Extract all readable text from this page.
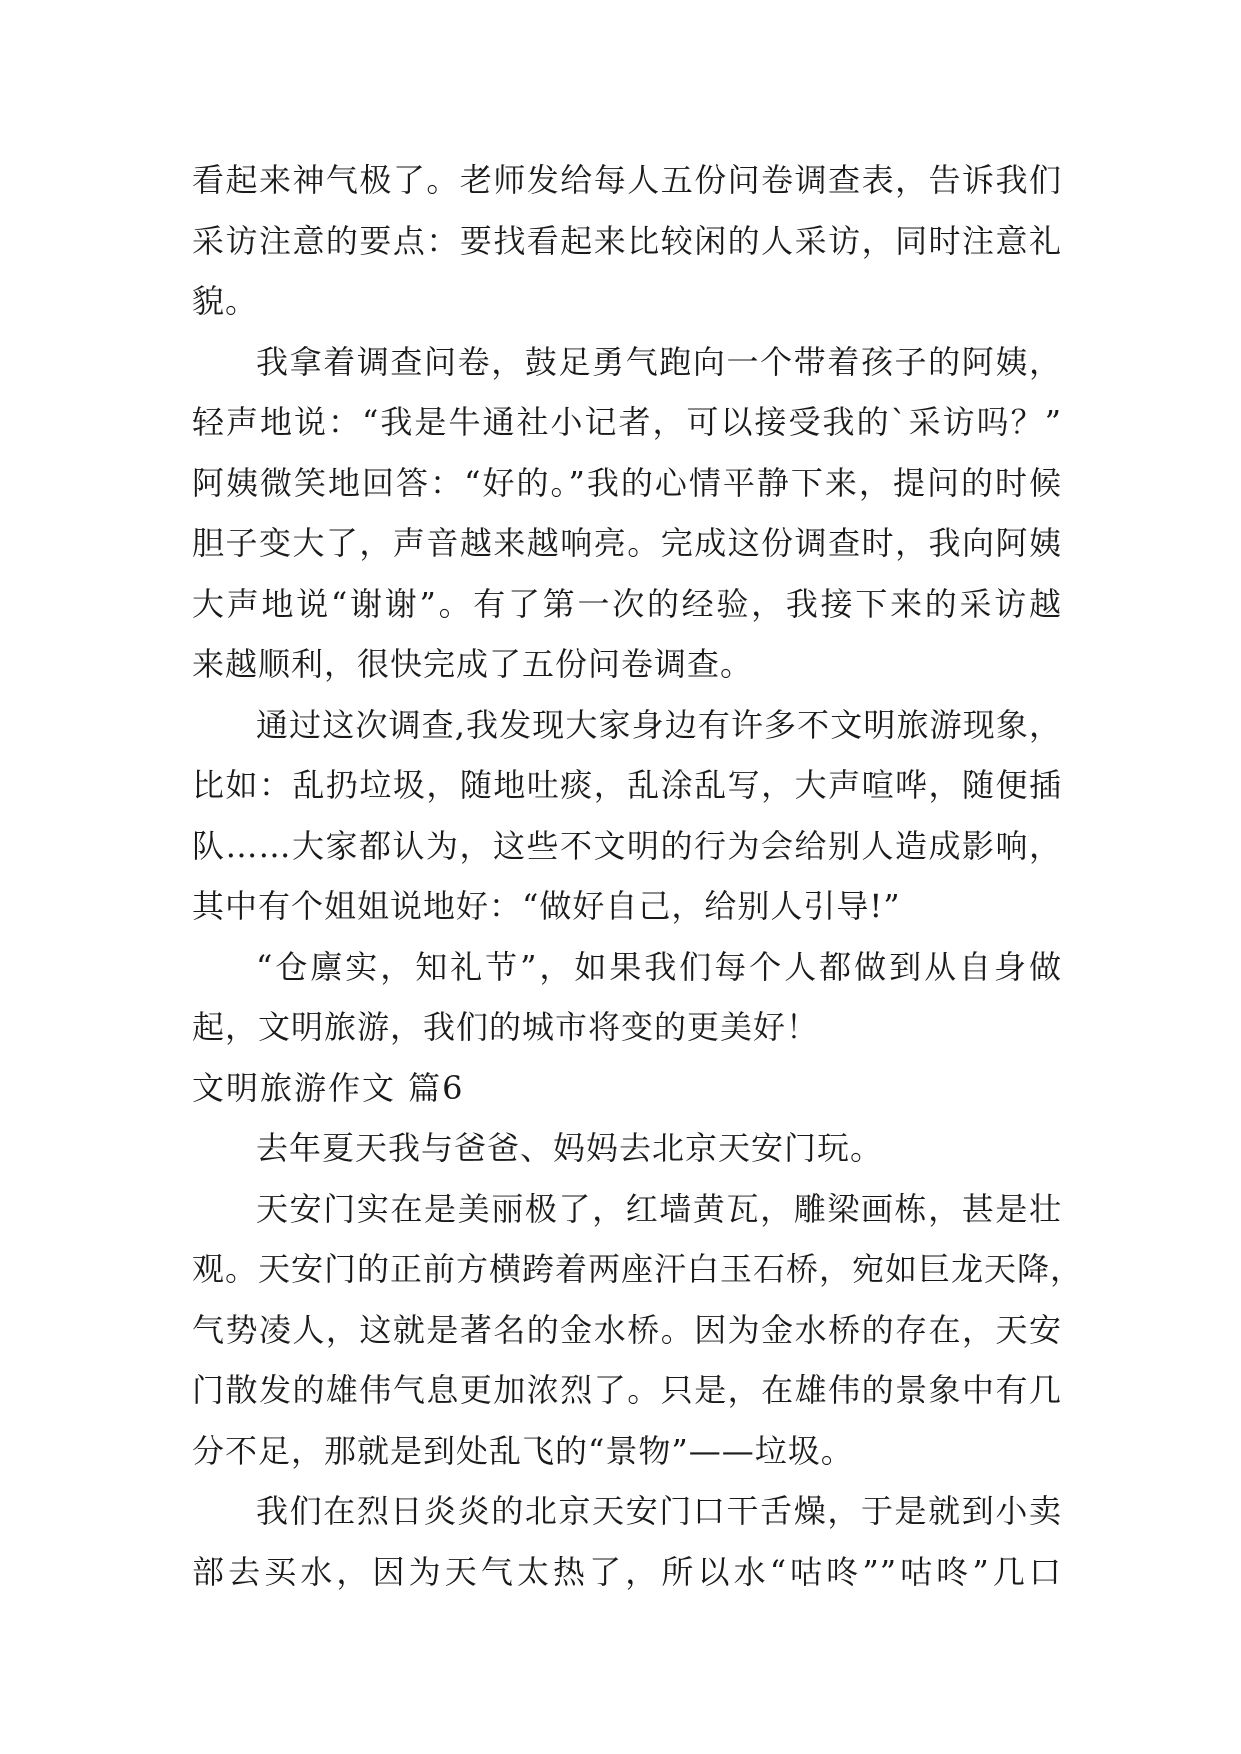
看起来神气极了。老师发给每人五份问卷调查表，告诉我们
采访注意的要点：要找看起来比较闲的人采访，同时注意礼
貌。
我拿着调查问卷，鼓足勇气跑向一个带着孩子的阿姨，
轻声地说：“我是牛通社小记者，可以接受我的`采访吗？”
阿姨微笑地回答：“好的。”我的心情平静下来，提问的时候
胆子变大了，声音越来越响亮。完成这份调查时，我向阿姨
大声地说“谢谢”。有了第一次的经验，我接下来的采访越
来越顺利，很快完成了五份问卷调查。
通过这次调查,我发现大家身边有许多不文明旅游现象，
比如：乱扔垃圾，随地吐痰，乱涂乱写，大声喧哗，随便插
队……大家都认为，这些不文明的行为会给别人造成影响，
其中有个姐姐说地好：“做好自己，给别人引导!”
“仓廪实，知礼节”，如果我们每个人都做到从自身做
起，文明旅游，我们的城市将变的更美好！
文明旅游作文 篇6
去年夏天我与爸爸、妈妈去北京天安门玩。
天安门实在是美丽极了，红墙黄瓦，雕梁画栋，甚是壮
观。天安门的正前方横跨着两座汗白玉石桥，宛如巨龙天降，
气势凌人，这就是著名的金水桥。因为金水桥的存在，天安
门散发的雄伟气息更加浓烈了。只是，在雄伟的景象中有几
分不足，那就是到处乱飞的“景物”——垃圾。
我们在烈日炎炎的北京天安门口干舌燥，于是就到小卖
部去买水，因为天气太热了，所以水“咕咚””咕咚”几口
